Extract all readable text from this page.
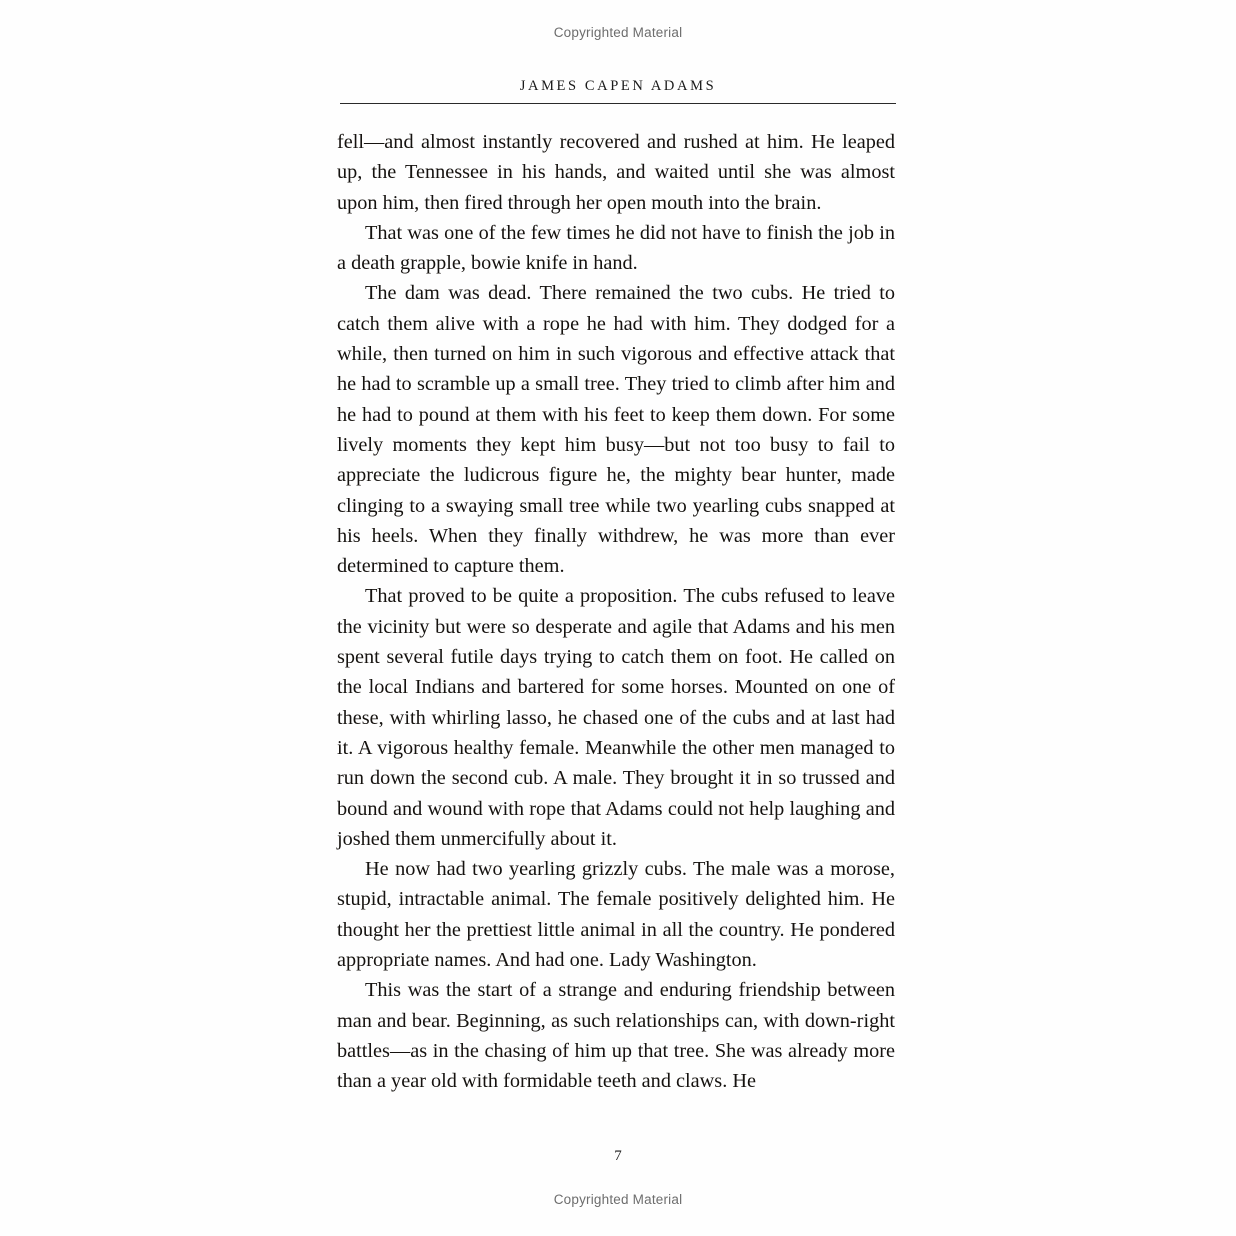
Copyrighted Material
JAMES CAPEN ADAMS

fell—and almost instantly recovered and rushed at him. He leaped up, the Tennessee in his hands, and waited until she was almost upon him, then fired through her open mouth into the brain.

That was one of the few times he did not have to finish the job in a death grapple, bowie knife in hand.

The dam was dead. There remained the two cubs. He tried to catch them alive with a rope he had with him. They dodged for a while, then turned on him in such vigorous and effective attack that he had to scramble up a small tree. They tried to climb after him and he had to pound at them with his feet to keep them down. For some lively moments they kept him busy—but not too busy to fail to appreciate the ludicrous figure he, the mighty bear hunter, made clinging to a swaying small tree while two yearling cubs snapped at his heels. When they finally withdrew, he was more than ever determined to capture them.

That proved to be quite a proposition. The cubs refused to leave the vicinity but were so desperate and agile that Adams and his men spent several futile days trying to catch them on foot. He called on the local Indians and bartered for some horses. Mounted on one of these, with whirling lasso, he chased one of the cubs and at last had it. A vigorous healthy female. Meanwhile the other men managed to run down the second cub. A male. They brought it in so trussed and bound and wound with rope that Adams could not help laughing and joshed them unmercifully about it.

He now had two yearling grizzly cubs. The male was a morose, stupid, intractable animal. The female positively delighted him. He thought her the prettiest little animal in all the country. He pondered appropriate names. And had one. Lady Washington.

This was the start of a strange and enduring friendship between man and bear. Beginning, as such relationships can, with down-right battles—as in the chasing of him up that tree. She was already more than a year old with formidable teeth and claws. He

7
Copyrighted Material
